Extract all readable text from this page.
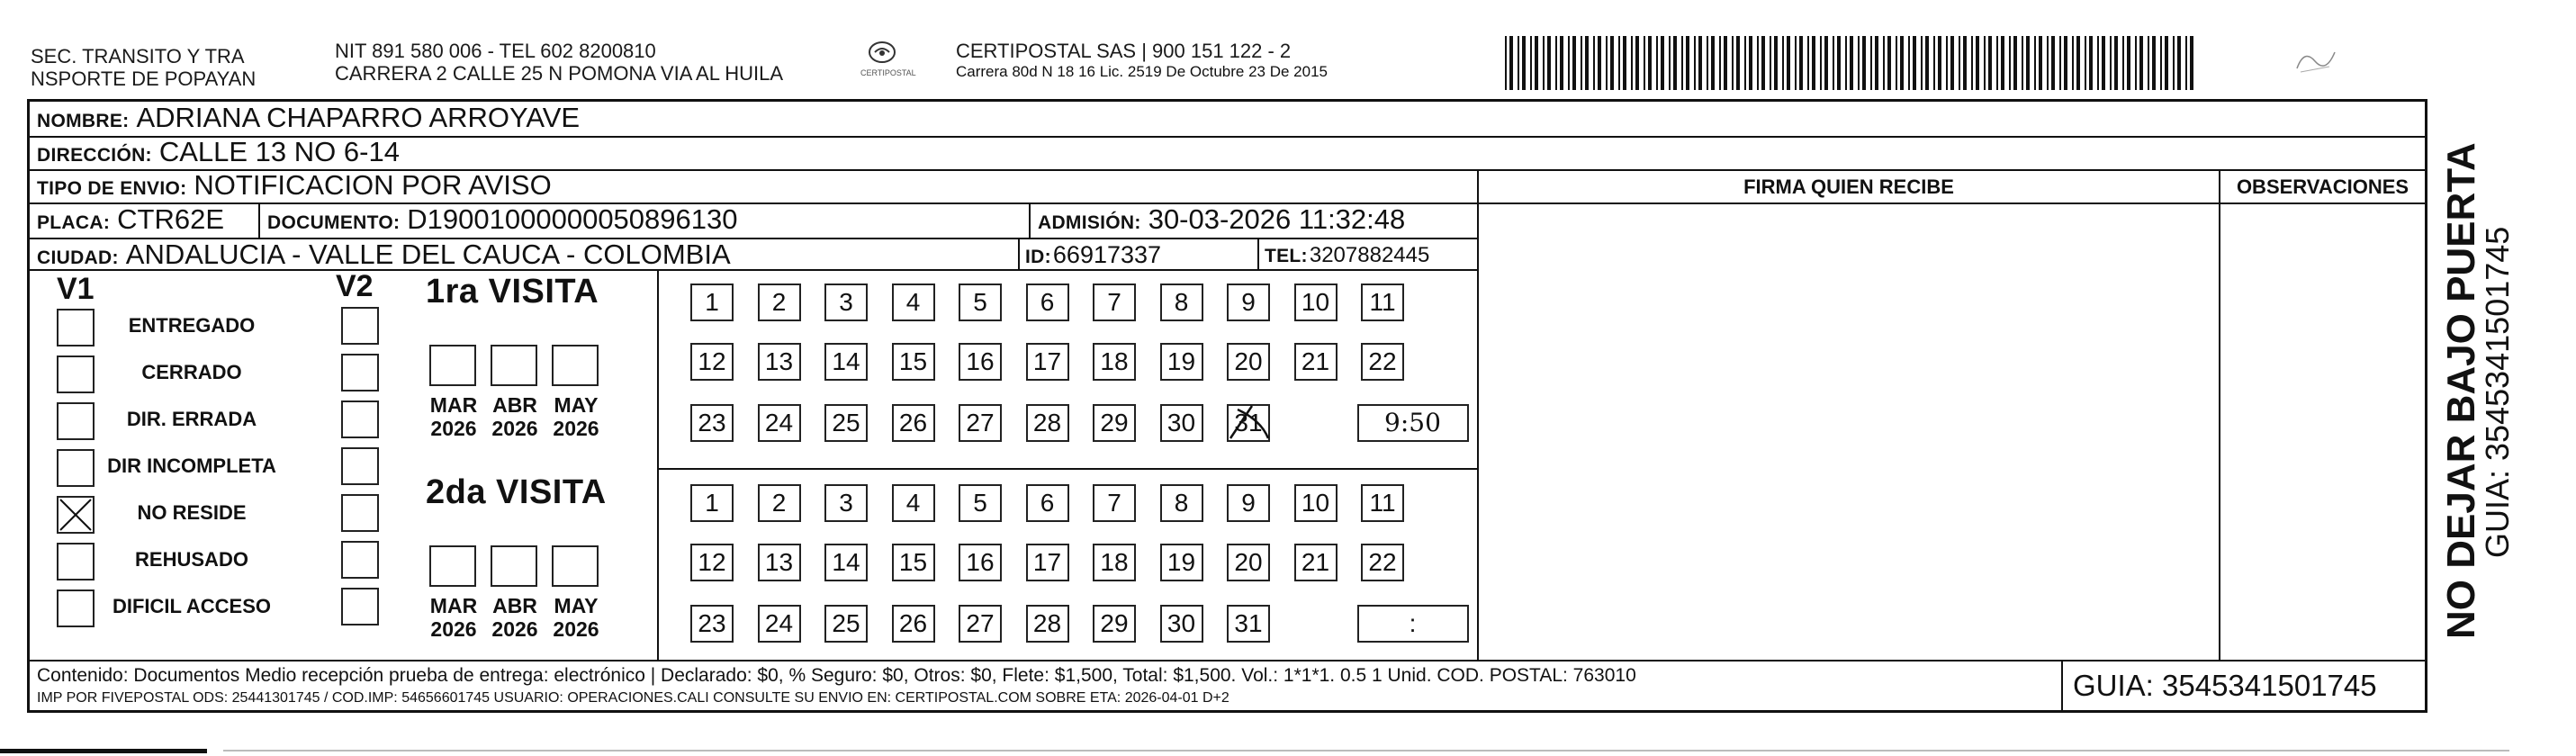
SEC. TRANSITO Y TRA
NSPORTE DE POPAYAN
NIT 891 580 006 - TEL 602 8200810
CARRERA 2 CALLE 25 N POMONA VIA AL HUILA	CERTIPOSTAL
CERTIPOSTAL SAS | 900 151 122 - 2
Carrera 80d N 18 16 Lic. 2519 De Octubre 23 De 2015
NOMBRE: ADRIANA CHAPARRO ARROYAVE
DIRECCIÓN: CALLE 13 NO 6-14
TIPO DE ENVIO: NOTIFICACION POR AVISO
PLACA: CTR62E DOCUMENTO: D19001000000050896130	ADMISIÓN: 30-03-2026 11:32:48
CIUDAD: ANDALUCIA - VALLE DEL CAUCA - COLOMBIA	ID: 66917337	TEL: 3207882445
FIRMA QUIEN RECIBE	OBSERVACIONES
V1	V2
ENTREGADO
CERRADO
DIR. ERRADA
DIR INCOMPLETA
NO RESIDE
REHUSADO
DIFICIL ACCESO
1ra VISITA
MAR
2026
ABR
2026
MAY
2026
1	2	3	4	5	6	7	8	9	10	11
12	13	14	15	16	17	18	19	20	21	22
23	24	25	26	27	28	29	30	31	9:50
2da VISITA
MAR
2026
ABR
2026
MAY
2026
1	2	3	4	5	6	7	8	9	10	11
12	13	14	15	16	17	18	19	20	21	22
23	24	25	26	27	28	29	30	31	:
Contenido: Documentos Medio recepción prueba de entrega: electrónico | Declarado: $0, % Seguro: $0, Otros: $0, Flete: $1,500, Total: $1,500. Vol.: 1*1*1. 0.5 1 Unid. COD. POSTAL: 763010
IMP POR FIVEPOSTAL ODS: 25441301745 / COD.IMP: 54656601745 USUARIO: OPERACIONES.CALI CONSULTE SU ENVIO EN: CERTIPOSTAL.COM SOBRE ETA: 2026-04-01 D+2	GUIA: 3545341501745
NO DEJAR BAJO PUERTA
GUIA: 3545341501745
